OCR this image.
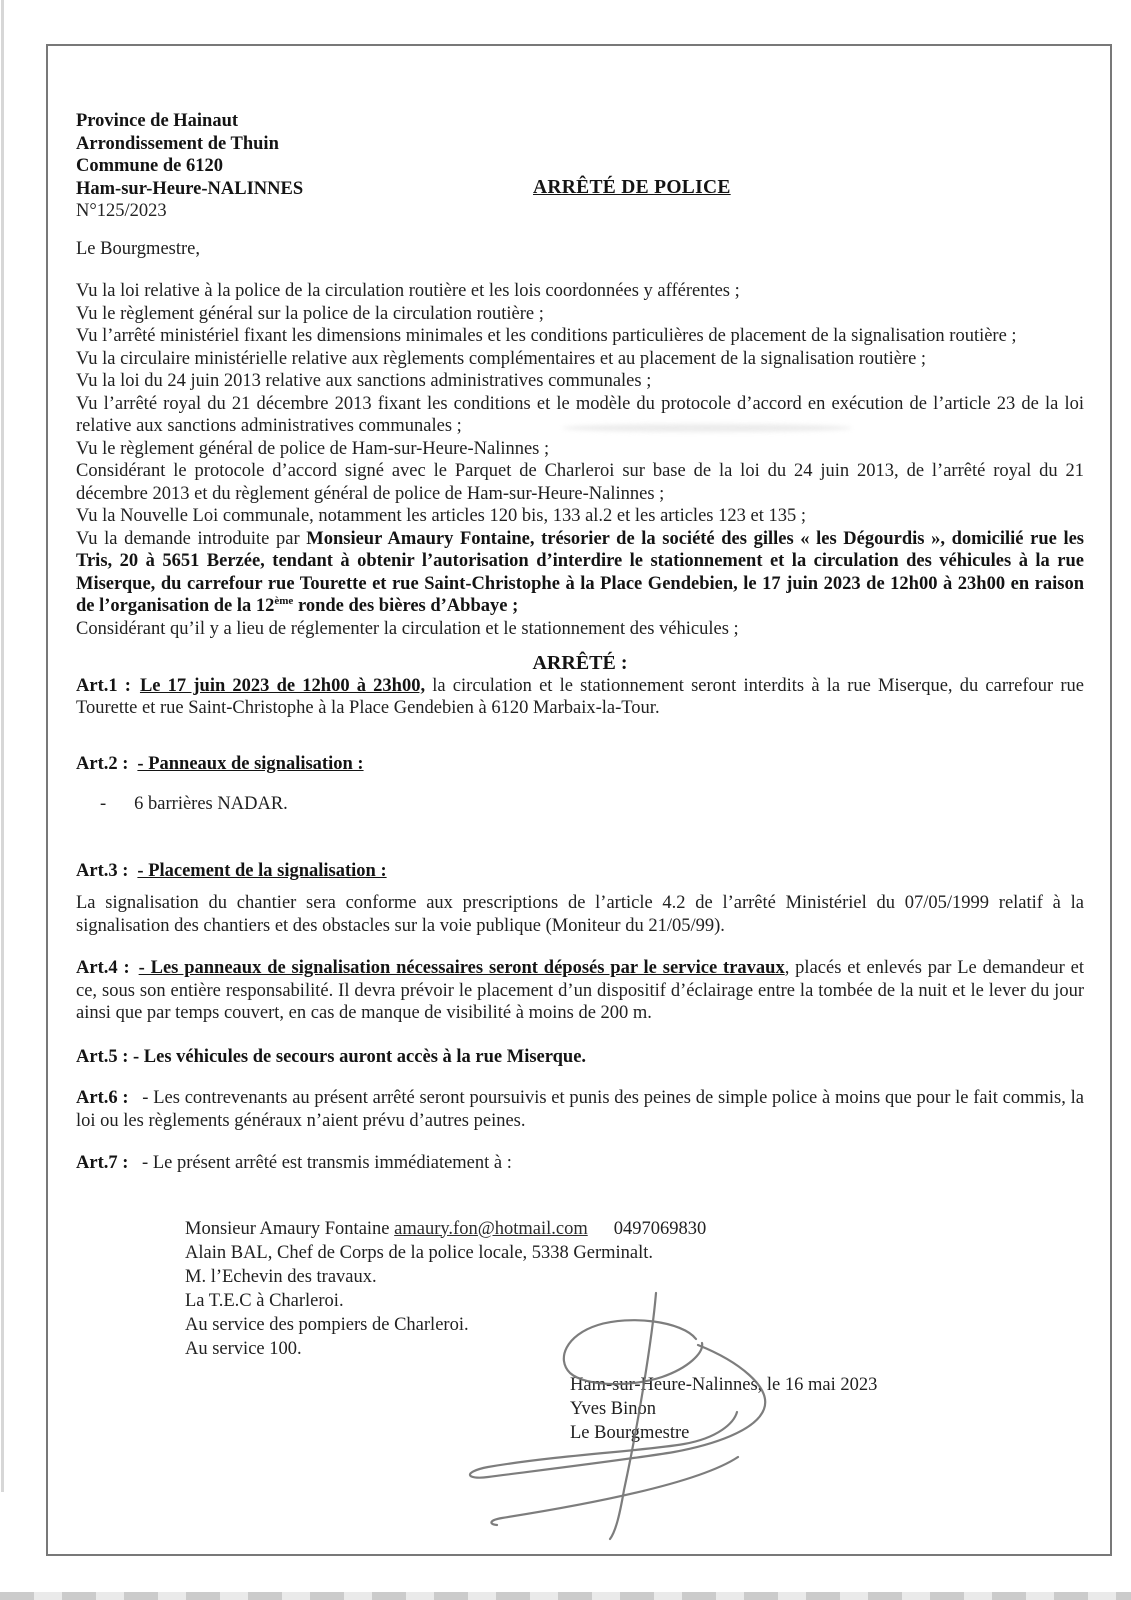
Province de Hainaut
Arrondissement de Thuin
Commune de 6120
Ham-sur-Heure-NALINNES
N°125/2023
ARRÊTÉ DE POLICE
Le Bourgmestre,
Vu la loi relative à la police de la circulation routière et les lois coordonnées y afférentes ;
Vu le règlement général sur la police de la circulation routière ;
Vu l’arrêté ministériel fixant les dimensions minimales et les conditions particulières de placement de la signalisation routière ;
Vu la circulaire ministérielle relative aux règlements complémentaires et au placement de la signalisation routière ;
Vu la loi du 24 juin 2013 relative aux sanctions administratives communales ;
Vu l’arrêté royal du 21 décembre 2013 fixant les conditions et le modèle du protocole d’accord en exécution de l’article 23 de la loi relative aux sanctions administratives communales ;
Vu le règlement général de police de Ham-sur-Heure-Nalinnes ;
Considérant le protocole d’accord signé avec le Parquet de Charleroi sur base de la loi du 24 juin 2013, de l’arrêté royal du 21 décembre 2013 et du règlement général de police de Ham-sur-Heure-Nalinnes ;
Vu la Nouvelle Loi communale, notamment les articles 120 bis, 133 al.2 et les articles 123 et 135 ;
Vu la demande introduite par Monsieur Amaury Fontaine, trésorier de la société des gilles « les Dégourdis », domicilié rue les Tris, 20 à 5651 Berzée, tendant à obtenir l’autorisation d’interdire le stationnement et la circulation des véhicules à la rue Miserque, du carrefour rue Tourette et rue Saint-Christophe à la Place Gendebien, le 17 juin 2023 de 12h00 à 23h00 en raison de l’organisation de la 12ème ronde des bières d’Abbaye ;
Considérant qu’il y a lieu de réglementer la circulation et le stationnement des véhicules ;
ARRÊTÉ :
Art.1 : Le 17 juin 2023 de 12h00 à 23h00, la circulation et le stationnement seront interdits à la rue Miserque, du carrefour rue Tourette et rue Saint-Christophe à la Place Gendebien à 6120 Marbaix-la-Tour.
Art.2 : - Panneaux de signalisation :
- 6 barrières NADAR.
Art.3 : - Placement de la signalisation :
La signalisation du chantier sera conforme aux prescriptions de l’article 4.2 de l’arrêté Ministériel du 07/05/1999 relatif à la signalisation des chantiers et des obstacles sur la voie publique (Moniteur du 21/05/99).
Art.4 : - Les panneaux de signalisation nécessaires seront déposés par le service travaux, placés et enlevés par Le demandeur et ce, sous son entière responsabilité. Il devra prévoir le placement d’un dispositif d’éclairage entre la tombée de la nuit et le lever du jour ainsi que par temps couvert, en cas de manque de visibilité à moins de 200 m.
Art.5 : - Les véhicules de secours auront accès à la rue Miserque.
Art.6 : - Les contrevenants au présent arrêté seront poursuivis et punis des peines de simple police à moins que pour le fait commis, la loi ou les règlements généraux n’aient prévu d’autres peines.
Art.7 : - Le présent arrêté est transmis immédiatement à :
Monsieur Amaury Fontaine amaury.fon@hotmail.com 0497069830
Alain BAL, Chef de Corps de la police locale, 5338 Germinalt.
M. l’Echevin des travaux.
La T.E.C à Charleroi.
Au service des pompiers de Charleroi.
Au service 100.
Ham-sur-Heure-Nalinnes, le 16 mai 2023
Yves Binon
Le Bourgmestre
